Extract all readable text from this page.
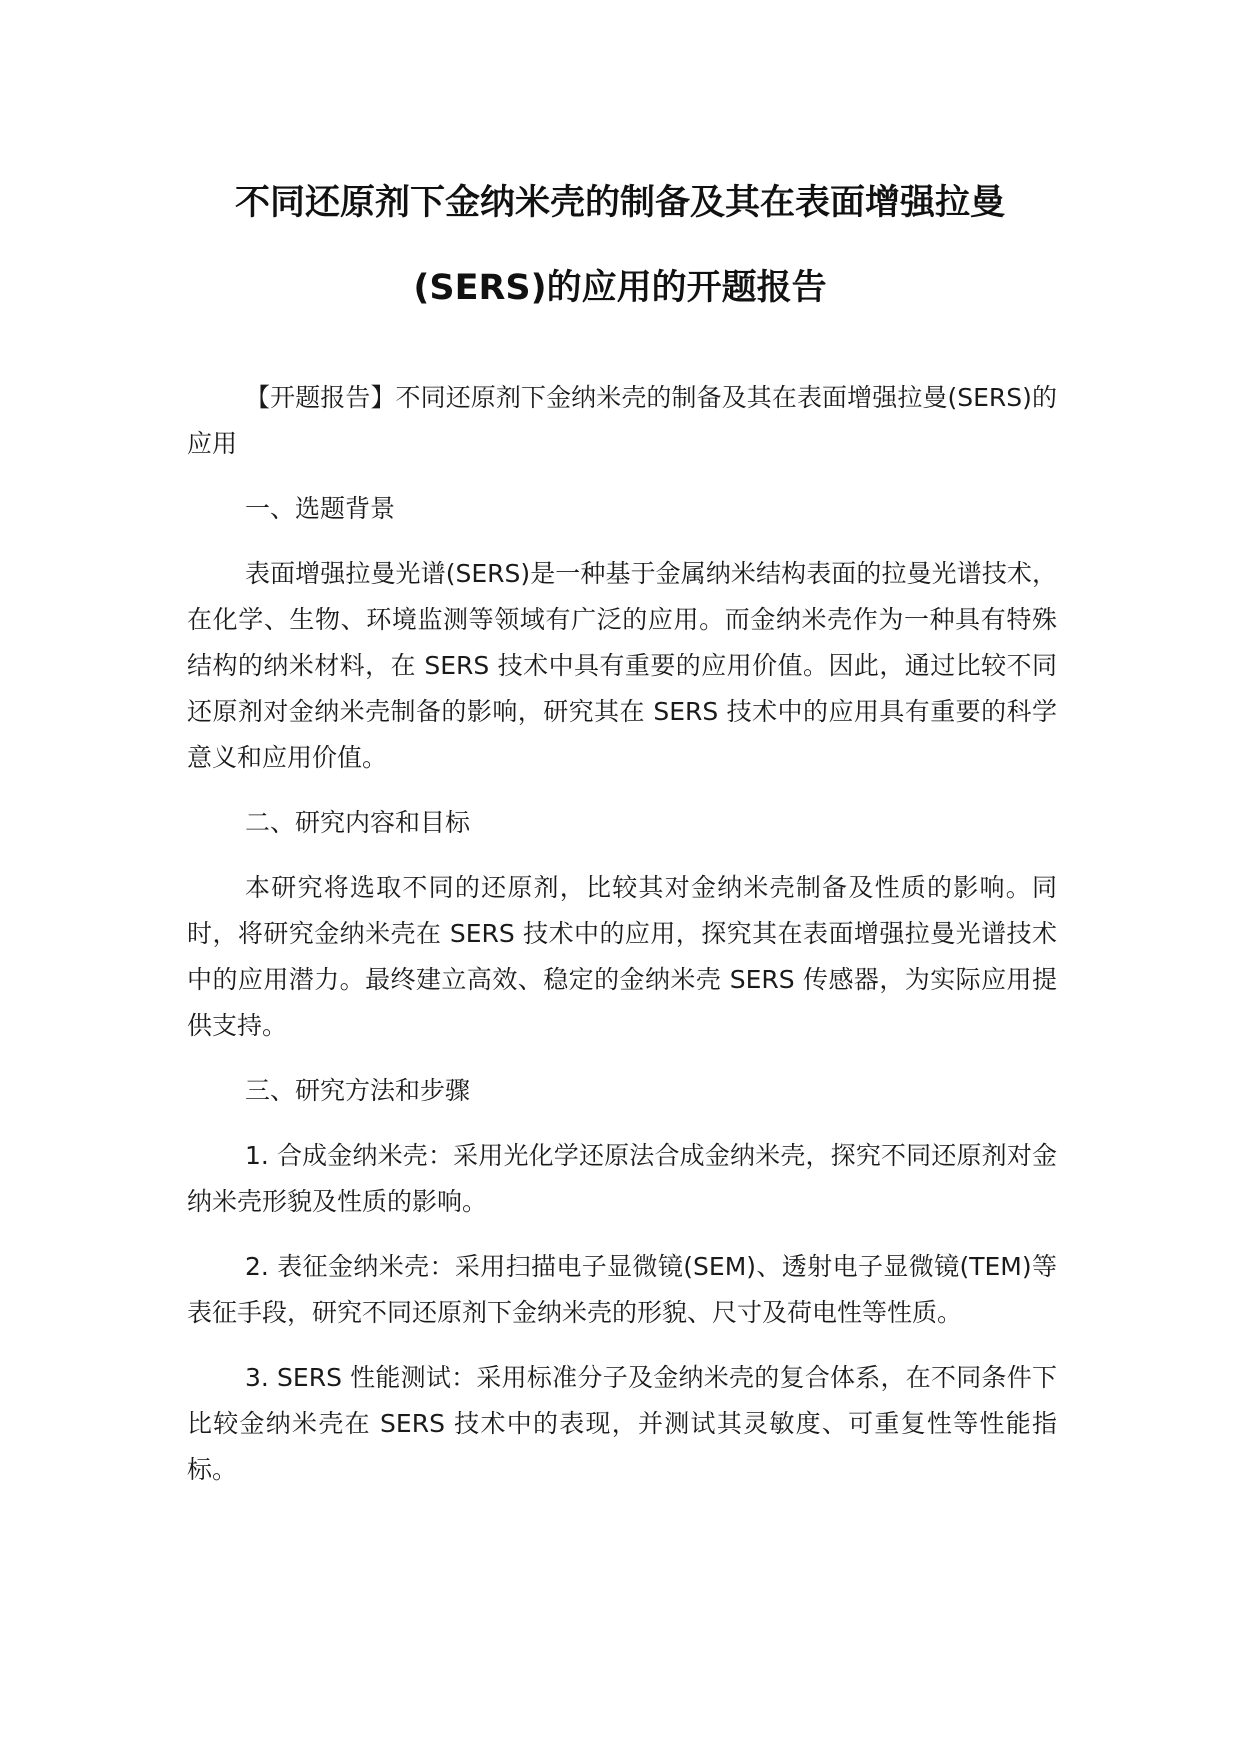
不同还原剂下金纳米壳的制备及其在表面增强拉曼
(SERS)的应用的开题报告

【开题报告】不同还原剂下金纳米壳的制备及其在表面增强拉曼(SERS)的应用

一、选题背景

表面增强拉曼光谱(SERS)是一种基于金属纳米结构表面的拉曼光谱技术，在化学、生物、环境监测等领域有广泛的应用。而金纳米壳作为一种具有特殊结构的纳米材料，在 SERS 技术中具有重要的应用价值。因此，通过比较不同还原剂对金纳米壳制备的影响，研究其在 SERS 技术中的应用具有重要的科学意义和应用价值。

二、研究内容和目标

本研究将选取不同的还原剂，比较其对金纳米壳制备及性质的影响。同时，将研究金纳米壳在 SERS 技术中的应用，探究其在表面增强拉曼光谱技术中的应用潜力。最终建立高效、稳定的金纳米壳 SERS 传感器，为实际应用提供支持。

三、研究方法和步骤

1. 合成金纳米壳：采用光化学还原法合成金纳米壳，探究不同还原剂对金纳米壳形貌及性质的影响。

2. 表征金纳米壳：采用扫描电子显微镜(SEM)、透射电子显微镜(TEM)等表征手段，研究不同还原剂下金纳米壳的形貌、尺寸及荷电性等性质。

3. SERS 性能测试：采用标准分子及金纳米壳的复合体系，在不同条件下比较金纳米壳在 SERS 技术中的表现，并测试其灵敏度、可重复性等性能指标。
